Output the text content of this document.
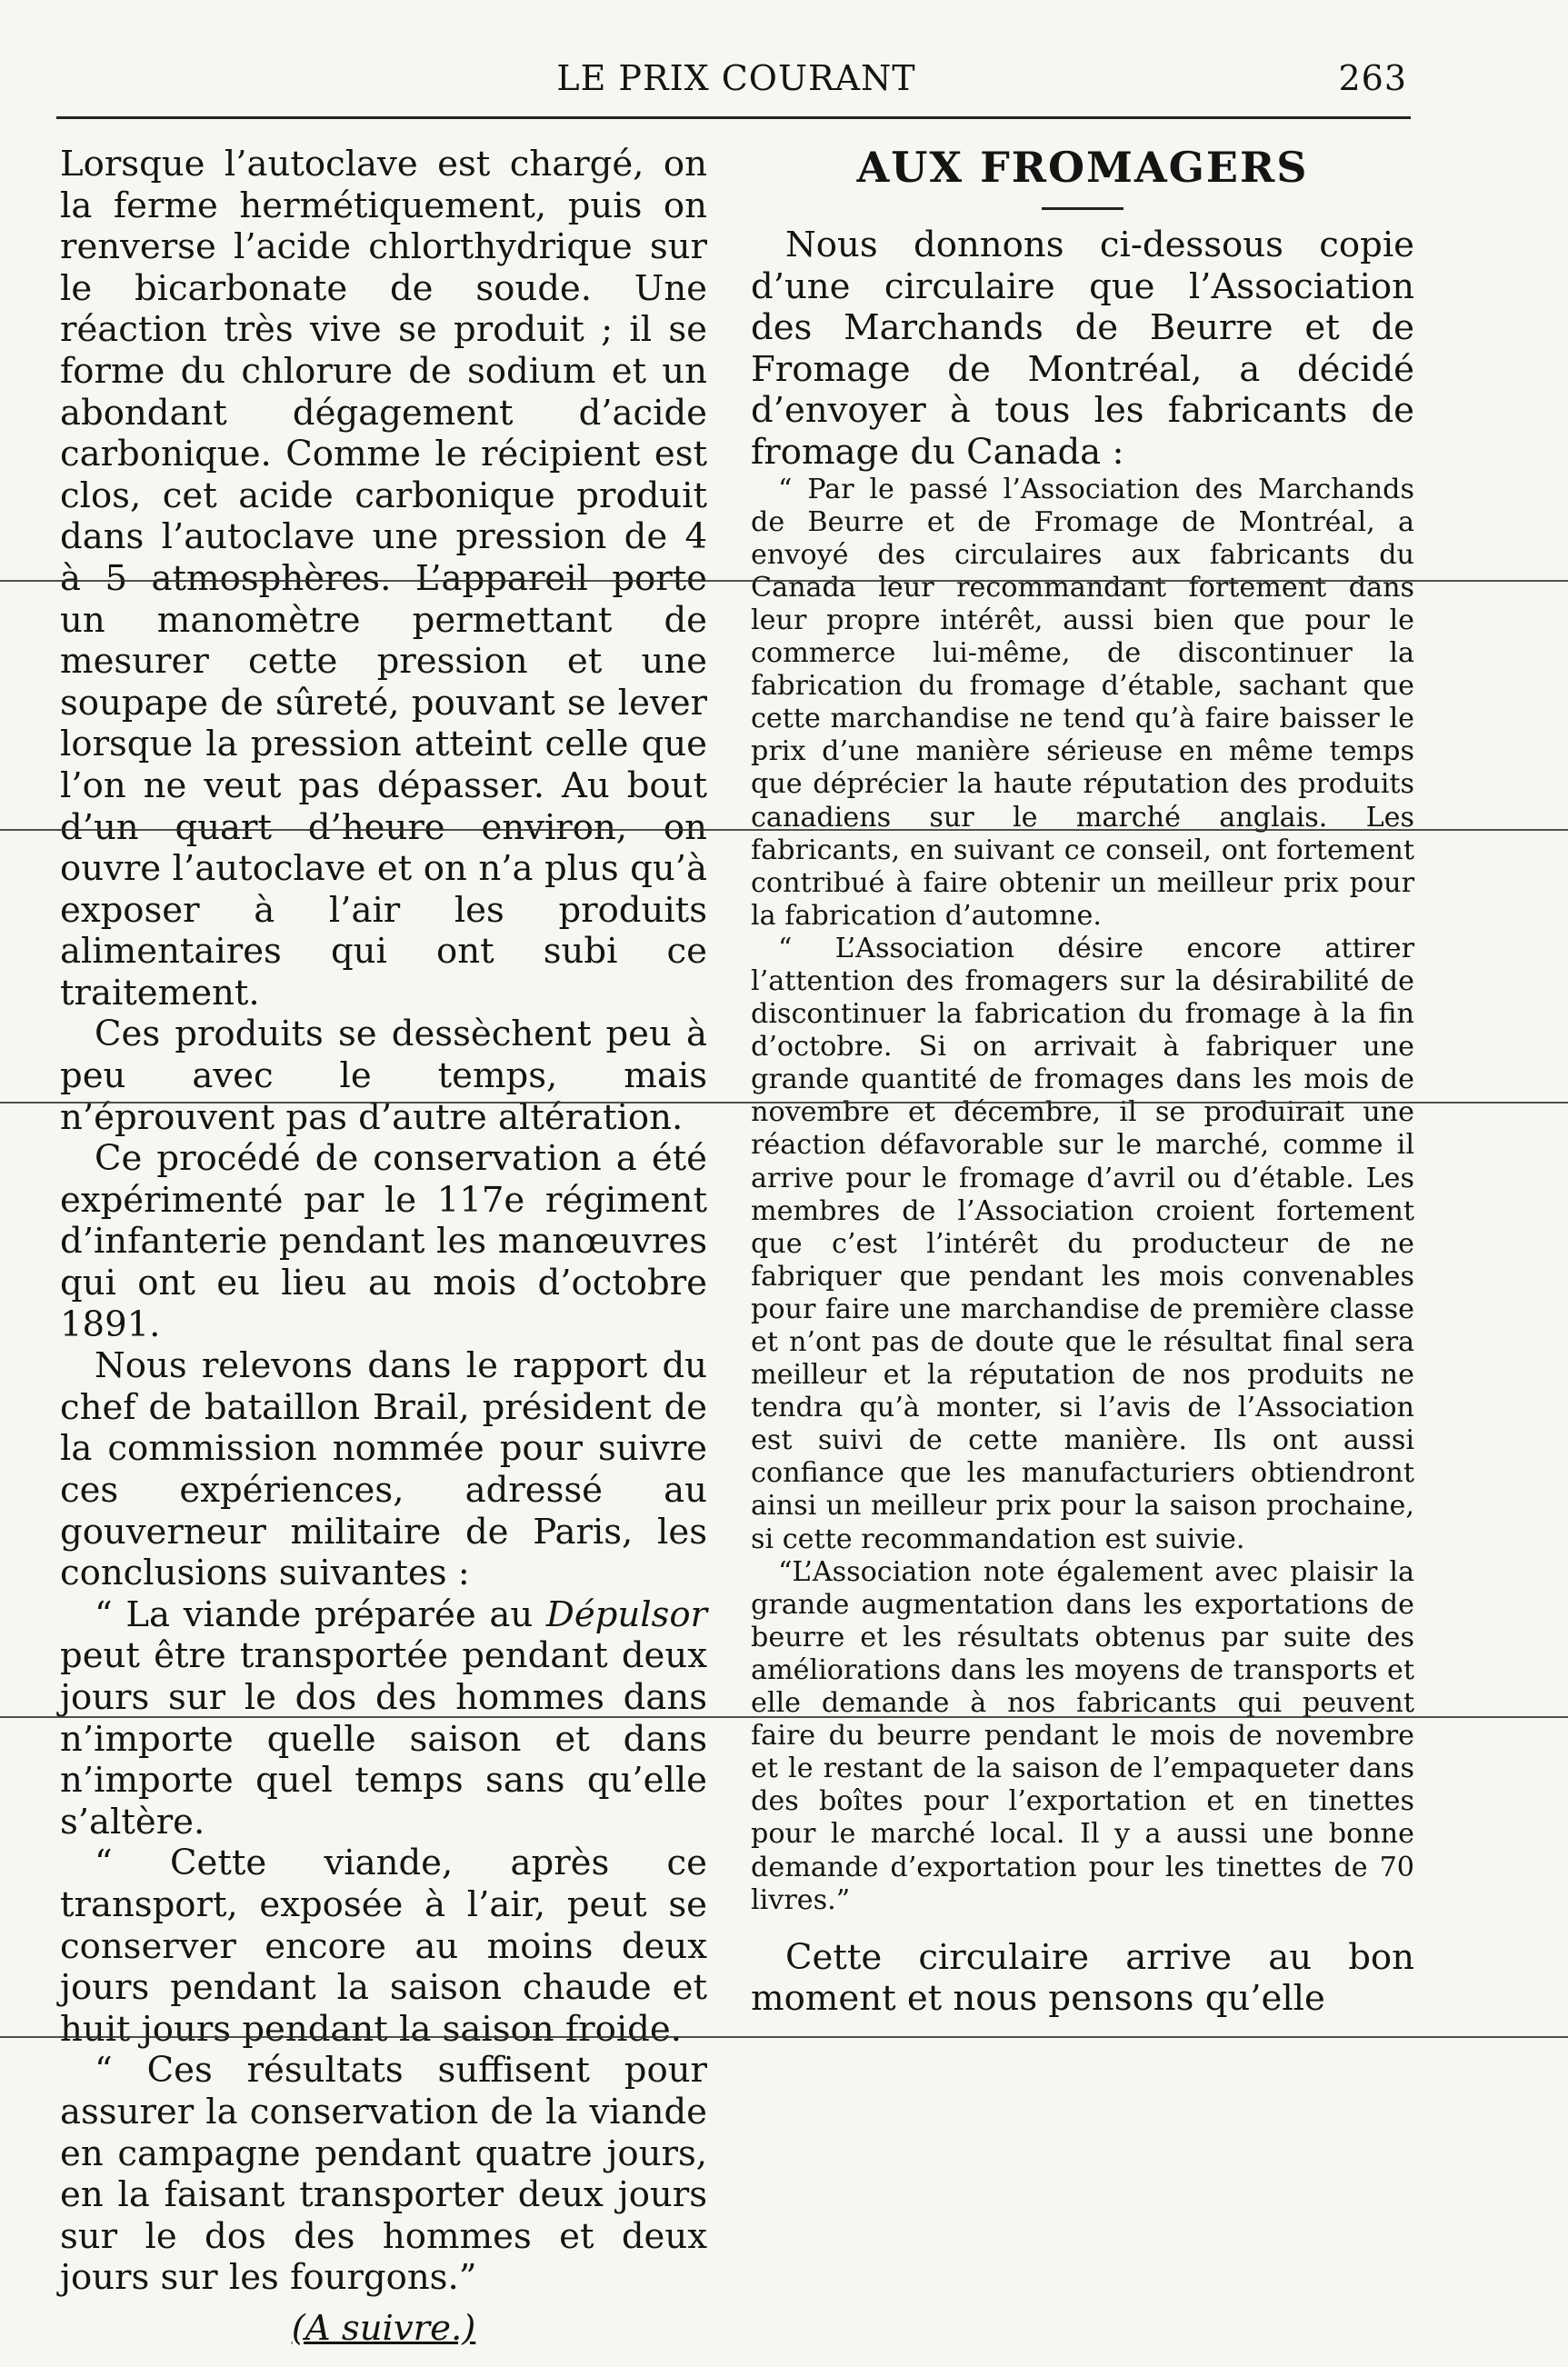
LE PRIX COURANT	263

Lorsque l’autoclave est chargé, on la ferme hermétiquement, puis on renverse l’acide chlorthydrique sur le bicarbonate de soude. Une réaction très vive se produit ; il se forme du chlorure de sodium et un abondant dégagement d’acide carbonique. Comme le récipient est clos, cet acide carbonique produit dans l’autoclave une pression de 4 à 5 atmosphères. L’appareil porte un manomètre permettant de mesurer cette pression et une soupape de sûreté, pouvant se lever lorsque la pression atteint celle que l’on ne veut pas dépasser. Au bout d’un quart d’heure environ, on ouvre l’autoclave et on n’a plus qu’à exposer à l’air les produits alimentaires qui ont subi ce traitement.

Ces produits se dessèchent peu à peu avec le temps, mais n’éprouvent pas d’autre altération.

Ce procédé de conservation a été expérimenté par le 117e régiment d’infanterie pendant les manœuvres qui ont eu lieu au mois d’octobre 1891.

Nous relevons dans le rapport du chef de bataillon Brail, président de la commission nommée pour suivre ces expériences, adressé au gouverneur militaire de Paris, les conclusions suivantes :

“ La viande préparée au Dépulsor peut être transportée pendant deux jours sur le dos des hommes dans n’importe quelle saison et dans n’importe quel temps sans qu’elle s’altère.

“ Cette viande, après ce transport, exposée à l’air, peut se conserver encore au moins deux jours pendant la saison chaude et huit jours pendant la saison froide.

“ Ces résultats suffisent pour assurer la conservation de la viande en campagne pendant quatre jours, en la faisant transporter deux jours sur le dos des hommes et deux jours sur les fourgons.”

(A suivre.)
AUX FROMAGERS

Nous donnons ci-dessous copie d’une circulaire que l’Association des Marchands de Beurre et de Fromage de Montréal, a décidé d’envoyer à tous les fabricants de fromage du Canada :

“ Par le passé l’Association des Marchands de Beurre et de Fromage de Montréal, a envoyé des circulaires aux fabricants du Canada leur recommandant fortement dans leur propre intérêt, aussi bien que pour le commerce lui-même, de discontinuer la fabrication du fromage d’étable, sachant que cette marchandise ne tend qu’à faire baisser le prix d’une manière sérieuse en même temps que déprécier la haute réputation des produits canadiens sur le marché anglais. Les fabricants, en suivant ce conseil, ont fortement contribué à faire obtenir un meilleur prix pour la fabrication d’automne.

“ L’Association désire encore attirer l’attention des fromagers sur la désirabilité de discontinuer la fabrication du fromage à la fin d’octobre. Si on arrivait à fabriquer une grande quantité de fromages dans les mois de novembre et décembre, il se produirait une réaction défavorable sur le marché, comme il arrive pour le fromage d’avril ou d’étable. Les membres de l’Association croient fortement que c’est l’intérêt du producteur de ne fabriquer que pendant les mois convenables pour faire une marchandise de première classe et n’ont pas de doute que le résultat final sera meilleur et la réputation de nos produits ne tendra qu’à monter, si l’avis de l’Association est suivi de cette manière. Ils ont aussi confiance que les manufacturiers obtiendront ainsi un meilleur prix pour la saison prochaine, si cette recommandation est suivie.

“L’Association note également avec plaisir la grande augmentation dans les exportations de beurre et les résultats obtenus par suite des améliorations dans les moyens de transports et elle demande à nos fabricants qui peuvent faire du beurre pendant le mois de novembre et le restant de la saison de l’empaqueter dans des boîtes pour l’exportation et en tinettes pour le marché local. Il y a aussi une bonne demande d’exportation pour les tinettes de 70 livres.”

Cette circulaire arrive au bon moment et nous pensons qu’elle
